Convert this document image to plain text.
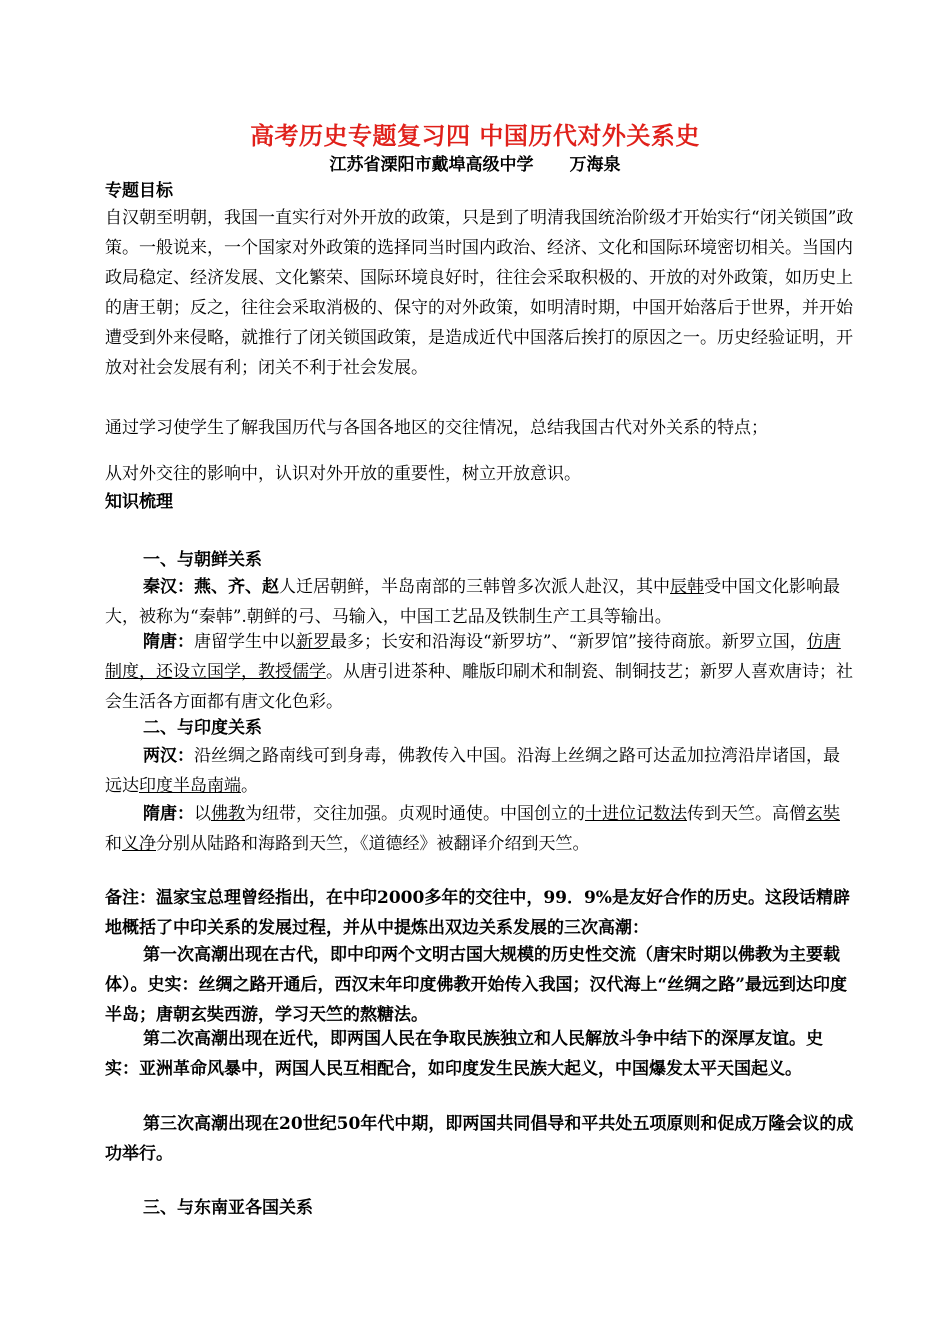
高考历史专题复习四 中国历代对外关系史
江苏省溧阳市戴埠高级中学 万海泉
专题目标
自汉朝至明朝，我国一直实行对外开放的政策，只是到了明清我国统治阶级才开始实行“闭关锁国”政策。一般说来，一个国家对外政策的选择同当时国内政治、经济、文化和国际环境密切相关。当国内政局稳定、经济发展、文化繁荣、国际环境良好时，往往会采取积极的、开放的对外政策，如历史上的唐王朝；反之，往往会采取消极的、保守的对外政策，如明清时期，中国开始落后于世界，并开始遭受到外来侵略，就推行了闭关锁国政策，是造成近代中国落后挨打的原因之一。历史经验证明，开放对社会发展有利；闭关不利于社会发展。
通过学习使学生了解我国历代与各国各地区的交往情况，总结我国古代对外关系的特点；
从对外交往的影响中，认识对外开放的重要性，树立开放意识。
知识梳理
一、与朝鲜关系
秦汉：燕、齐、赵人迁居朝鲜，半岛南部的三韩曾多次派人赴汉，其中辰韩受中国文化影响最大，被称为“秦韩”.朝鲜的弓、马输入，中国工艺品及铁制生产工具等输出。
隋唐：唐留学生中以新罗最多；长安和沿海设“新罗坊”、“新罗馆”接待商旅。新罗立国，仿唐制度，还设立国学，教授儒学。从唐引进茶种、雕版印刷术和制瓷、制铜技艺；新罗人喜欢唐诗；社会生活各方面都有唐文化色彩。
二、与印度关系
两汉：沿丝绸之路南线可到身毒，佛教传入中国。沿海上丝绸之路可达孟加拉湾沿岸诸国，最远达印度半岛南端。
隋唐：以佛教为纽带，交往加强。贞观时通使。中国创立的十进位记数法传到天竺。高僧玄奘和义净分别从陆路和海路到天竺，《道德经》被翻译介绍到天竺。
备注：温家宝总理曾经指出，在中印2000多年的交往中，99．9%是友好合作的历史。这段话精辟地概括了中印关系的发展过程，并从中提炼出双边关系发展的三次高潮：
第一次高潮出现在古代，即中印两个文明古国大规模的历史性交流（唐宋时期以佛教为主要载体）。史实：丝绸之路开通后，西汉末年印度佛教开始传入我国；汉代海上“丝绸之路”最远到达印度半岛；唐朝玄奘西游，学习天竺的熬糖法。
第二次高潮出现在近代，即两国人民在争取民族独立和人民解放斗争中结下的深厚友谊。史实：亚洲革命风暴中，两国人民互相配合，如印度发生民族大起义，中国爆发太平天国起义。
第三次高潮出现在20世纪50年代中期，即两国共同倡导和平共处五项原则和促成万隆会议的成功举行。
三、与东南亚各国关系
